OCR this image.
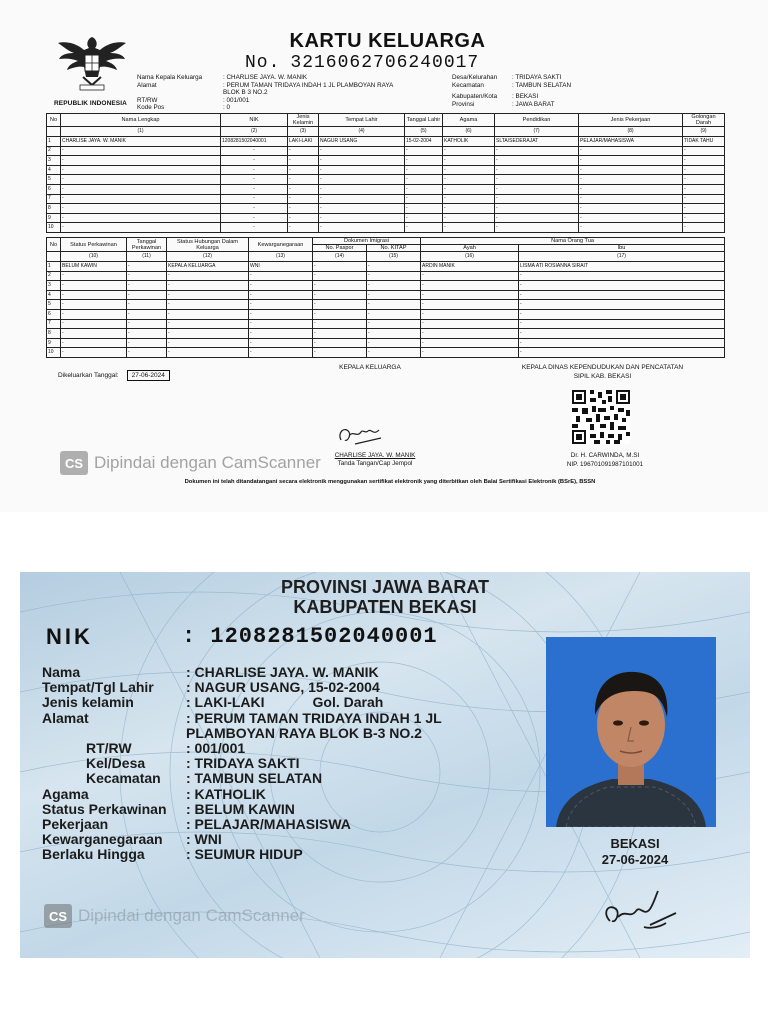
REPUBLIK INDONESIA
KARTU KELUARGA
No. 3216062706240017
Nama Kepala Keluarga	: CHARLISE JAYA. W. MANIK
Alamat	: PERUM TAMAN TRIDAYA INDAH 1 JL PLAMBOYAN RAYA
BLOK B 3 NO.2
RT/RW	: 001/001
Kode Pos	: 0
Desa/Kelurahan	: TRIDAYA SAKTI
Kecamatan	: TAMBUN SELATAN
Kabupaten/Kota	: BEKASI
Provinsi	: JAWA BARAT
No	Nama Lengkap	NIK	Jenis Kelamin	Tempat Lahir	Tanggal Lahir	Agama	Pendidikan	Jenis Pekerjaan	Golongan Darah
	(1)	(2)	(3)	(4)	(5)	(6)	(7)	(8)	(9)
1	CHARLISE JAYA. W. MANIK	1208281502040001	LAKI-LAKI	NAGUR USANG	15-02-2004	KATHOLIK	SLTA/SEDERAJAT	PELAJAR/MAHASISWA	TIDAK TAHU
2	-	-	-	-	-	-	-	-	-
3	-	-	-	-	-	-	-	-	-
4	-	-	-	-	-	-	-	-	-
5	-	-	-	-	-	-	-	-	-
6	-	-	-	-	-	-	-	-	-
7	-	-	-	-	-	-	-	-	-
8	-	-	-	-	-	-	-	-	-
9	-	-	-	-	-	-	-	-	-
10	-	-	-	-	-	-	-	-	-
No	Status Perkawinan	Tanggal Perkawinan	Status Hubungan Dalam Keluarga	Kewarganegaraan	Dokumen Imigrasi		Nama Orang Tua	
					No. Paspor	No. KITAP	Ayah	Ibu
	(10)	(11)	(12)	(13)	(14)	(15)	(16)	(17)
1	BELUM KAWIN	-	KEPALA KELUARGA	WNI	-	-	ARDIN MANIK	LISMA ATI ROSIANNA SIRAIT
2	-	-	-	-	-	-	-	-
3	-	-	-	-	-	-	-	-
4	-	-	-	-	-	-	-	-
5	-	-	-	-	-	-	-	-
6	-	-	-	-	-	-	-	-
7	-	-	-	-	-	-	-	-
8	-	-	-	-	-	-	-	-
9	-	-	-	-	-	-	-	-
10	-	-	-	-	-	-	-	-
Dikeluarkan Tanggal:	27-06-2024
KEPALA KELUARGA	KEPALA DINAS KEPENDUDUKAN DAN PENCATATAN SIPIL KAB. BEKASI
CHARLISE JAYA. W. MANIK
Tanda Tangan/Cap Jempol
Dr. H. CARWINDA, M.SI
NIP. 196701091987101001
Dokumen ini telah ditandatangani secara elektronik menggunakan sertifikat elektronik yang diterbitkan oleh Balai Sertifikasi Elektronik (BSrE), BSSN
CS Dipindai dengan CamScanner
PROVINSI JAWA BARAT
KABUPATEN BEKASI
NIK	: 1208281502040001
Nama	: CHARLISE JAYA. W. MANIK
Tempat/Tgl Lahir	: NAGUR USANG, 15-02-2004
Jenis kelamin	: LAKI-LAKI	Gol. Darah
Alamat	: PERUM TAMAN TRIDAYA INDAH 1 JL
PLAMBOYAN RAYA BLOK B-3 NO.2
RT/RW	: 001/001
Kel/Desa	: TRIDAYA SAKTI
Kecamatan	: TAMBUN SELATAN
Agama	: KATHOLIK
Status Perkawinan	: BELUM KAWIN
Pekerjaan	: PELAJAR/MAHASISWA
Kewarganegaraan	: WNI
Berlaku Hingga	: SEUMUR HIDUP
BEKASI
27-06-2024
CS Dipindai dengan CamScanner
